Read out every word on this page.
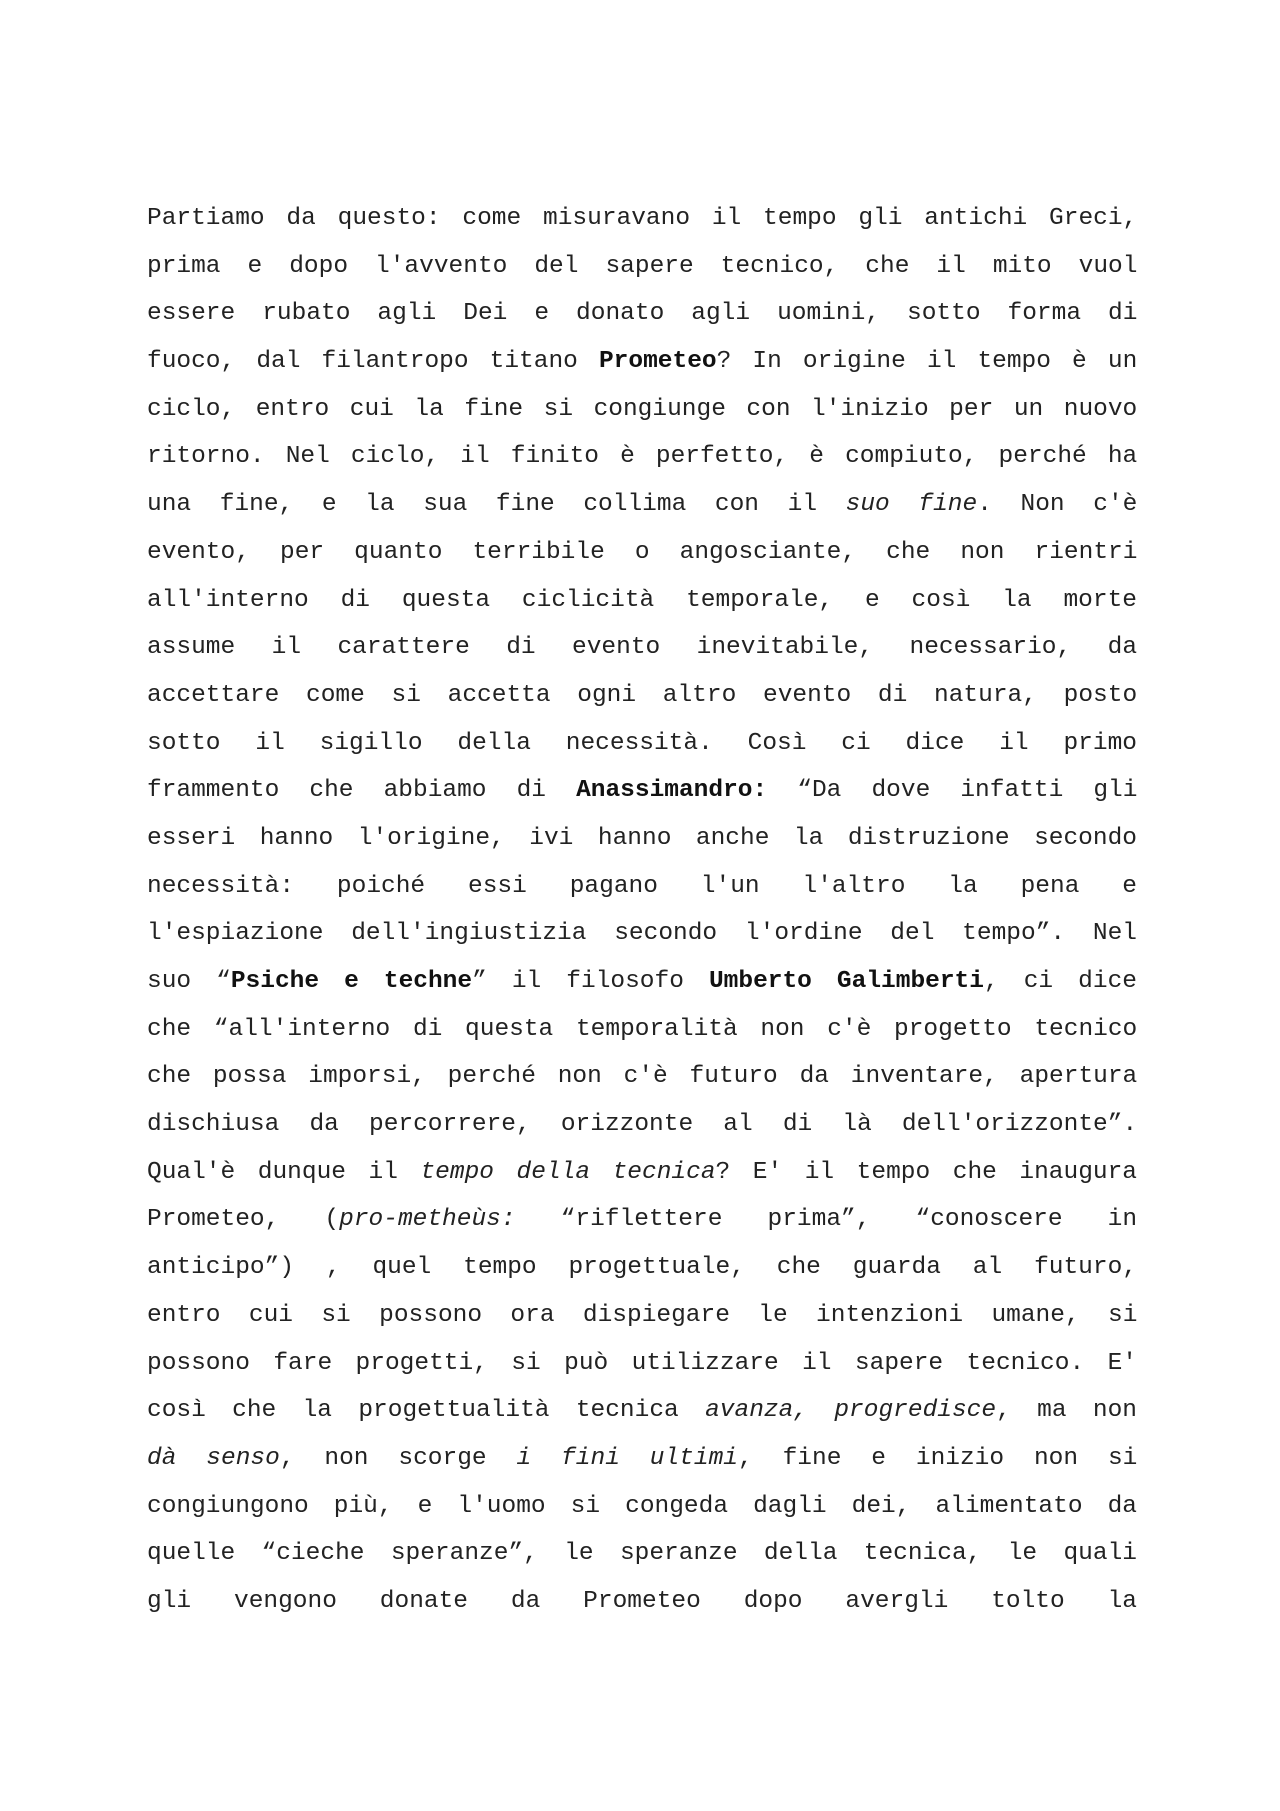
Partiamo da questo: come misuravano il tempo gli antichi Greci,
prima e dopo l'avvento del sapere tecnico, che il mito vuol
essere rubato agli Dei e donato agli uomini, sotto forma di
fuoco, dal filantropo titano Prometeo? In origine il tempo è un
ciclo, entro cui la fine si congiunge con l'inizio per un nuovo
ritorno. Nel ciclo, il finito è perfetto, è compiuto, perché ha
una fine, e la sua fine collima con il suo fine. Non c'è
evento, per quanto terribile o angosciante, che non rientri
all'interno di questa ciclicità temporale, e così la morte
assume il carattere di evento inevitabile, necessario, da
accettare come si accetta ogni altro evento di natura, posto
sotto il sigillo della necessità. Così ci dice il primo
frammento che abbiamo di Anassimandro: “Da dove infatti gli
esseri hanno l'origine, ivi hanno anche la distruzione secondo
necessità: poiché essi pagano l'un l'altro la pena e
l'espiazione dell'ingiustizia secondo l'ordine del tempo”. Nel
suo “Psiche e techne” il filosofo Umberto Galimberti, ci dice
che “all'interno di questa temporalità non c'è progetto tecnico
che possa imporsi, perché non c'è futuro da inventare, apertura
dischiusa da percorrere, orizzonte al di là dell'orizzonte”.
Qual'è dunque il tempo della tecnica? E' il tempo che inaugura
Prometeo, (pro-metheùs: “riflettere prima”, “conoscere in
anticipo”) , quel tempo progettuale, che guarda al futuro,
entro cui si possono ora dispiegare le intenzioni umane, si
possono fare progetti, si può utilizzare il sapere tecnico. E'
così che la progettualità tecnica avanza, progredisce, ma non
dà senso, non scorge i fini ultimi, fine e inizio non si
congiungono più, e l'uomo si congeda dagli dei, alimentato da
quelle “cieche speranze”, le speranze della tecnica, le quali
gli vengono donate da Prometeo dopo avergli tolto la
